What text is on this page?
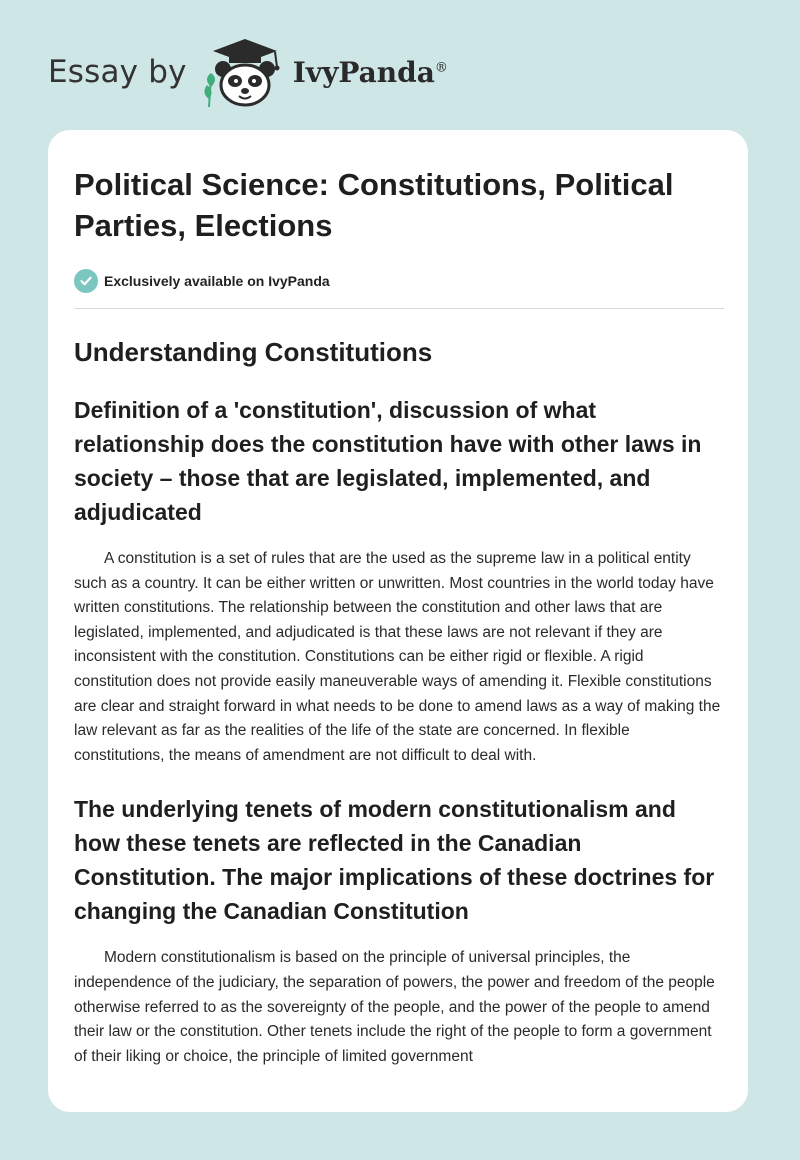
Essay by	IvyPanda®
Political Science: Constitutions, Political Parties, Elections
Exclusively available on IvyPanda
Understanding Constitutions
Definition of a 'constitution', discussion of what relationship does the constitution have with other laws in society – those that are legislated, implemented, and adjudicated

A constitution is a set of rules that are the used as the supreme law in a political entity such as a country. It can be either written or unwritten. Most countries in the world today have written constitutions. The relationship between the constitution and other laws that are legislated, implemented, and adjudicated is that these laws are not relevant if they are inconsistent with the constitution. Constitutions can be either rigid or flexible. A rigid constitution does not provide easily maneuverable ways of amending it. Flexible constitutions are clear and straight forward in what needs to be done to amend laws as a way of making the law relevant as far as the realities of the life of the state are concerned. In flexible constitutions, the means of amendment are not difficult to deal with.

The underlying tenets of modern constitutionalism and how these tenets are reflected in the Canadian Constitution. The major implications of these doctrines for changing the Canadian Constitution

Modern constitutionalism is based on the principle of universal principles, the independence of the judiciary, the separation of powers, the power and freedom of the people otherwise referred to as the sovereignty of the people, and the power of the people to amend their law or the constitution. Other tenets include the right of the people to form a government of their liking or choice, the principle of limited government
